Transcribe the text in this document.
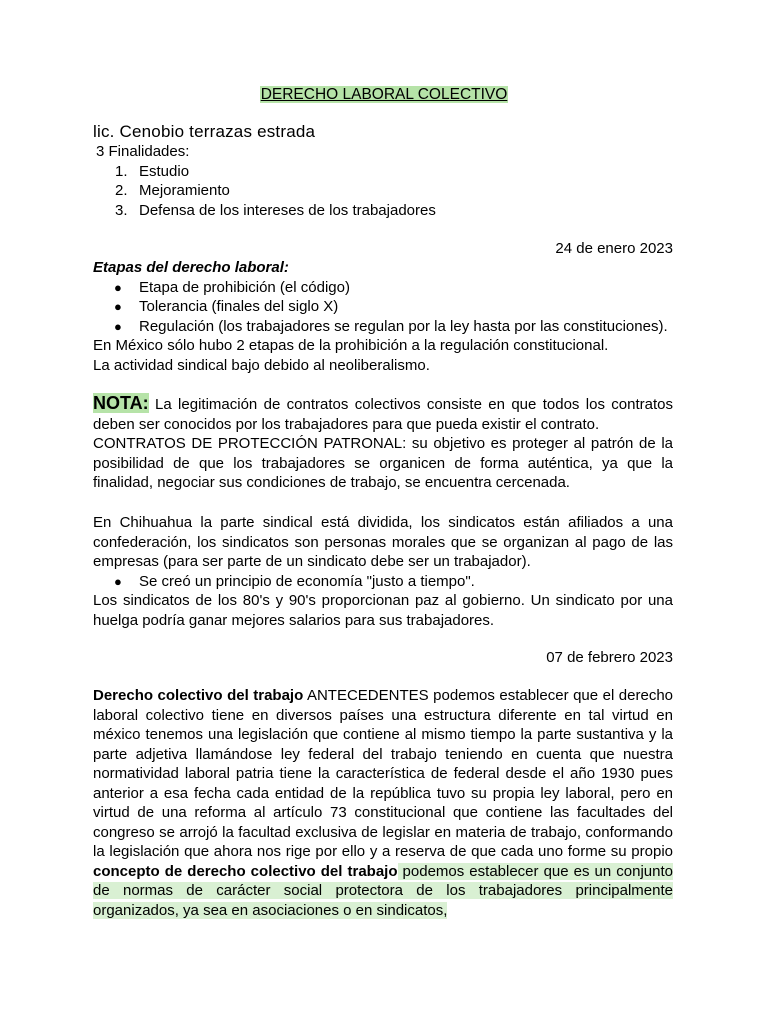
DERECHO LABORAL COLECTIVO
lic. Cenobio terrazas estrada

3 Finalidades:

1. Estudio
2. Mejoramiento
3. Defensa de los intereses de los trabajadores
24 de enero 2023

Etapas del derecho laboral:

● Etapa de prohibición (el código)
● Tolerancia (finales del siglo X)
● Regulación (los trabajadores se regulan por la ley hasta por las constituciones).

En México sólo hubo 2 etapas de la prohibición a la regulación constitucional.

La actividad sindical bajo debido al neoliberalismo.

NOTA: La legitimación de contratos colectivos consiste en que todos los contratos deben ser conocidos por los trabajadores para que pueda existir el contrato.

CONTRATOS DE PROTECCIÓN PATRONAL: su objetivo es proteger al patrón de la posibilidad de que los trabajadores se organicen de forma auténtica, ya que la finalidad, negociar sus condiciones de trabajo, se encuentra cercenada.

En Chihuahua la parte sindical está dividida, los sindicatos están afiliados a una confederación, los sindicatos son personas morales que se organizan al pago de las empresas (para ser parte de un sindicato debe ser un trabajador).

● Se creó un principio de economía "justo a tiempo".

Los sindicatos de los 80's y 90's proporcionan paz al gobierno. Un sindicato por una huelga podría ganar mejores salarios para sus trabajadores.

07 de febrero 2023

Derecho colectivo del trabajo ANTECEDENTES podemos establecer que el derecho laboral colectivo tiene en diversos países una estructura diferente en tal virtud en méxico tenemos una legislación que contiene al mismo tiempo la parte sustantiva y la parte adjetiva llamándose ley federal del trabajo teniendo en cuenta que nuestra normatividad laboral patria tiene la característica de federal desde el año 1930 pues anterior a esa fecha cada entidad de la república tuvo su propia ley laboral, pero en virtud de una reforma al artículo 73 constitucional que contiene las facultades del congreso se arrojó la facultad exclusiva de legislar en materia de trabajo, conformando la legislación que ahora nos rige por ello y a reserva de que cada uno forme su propio concepto de derecho colectivo del trabajo podemos establecer que es un conjunto de normas de carácter social protectora de los trabajadores principalmente organizados, ya sea en asociaciones o en sindicatos,
